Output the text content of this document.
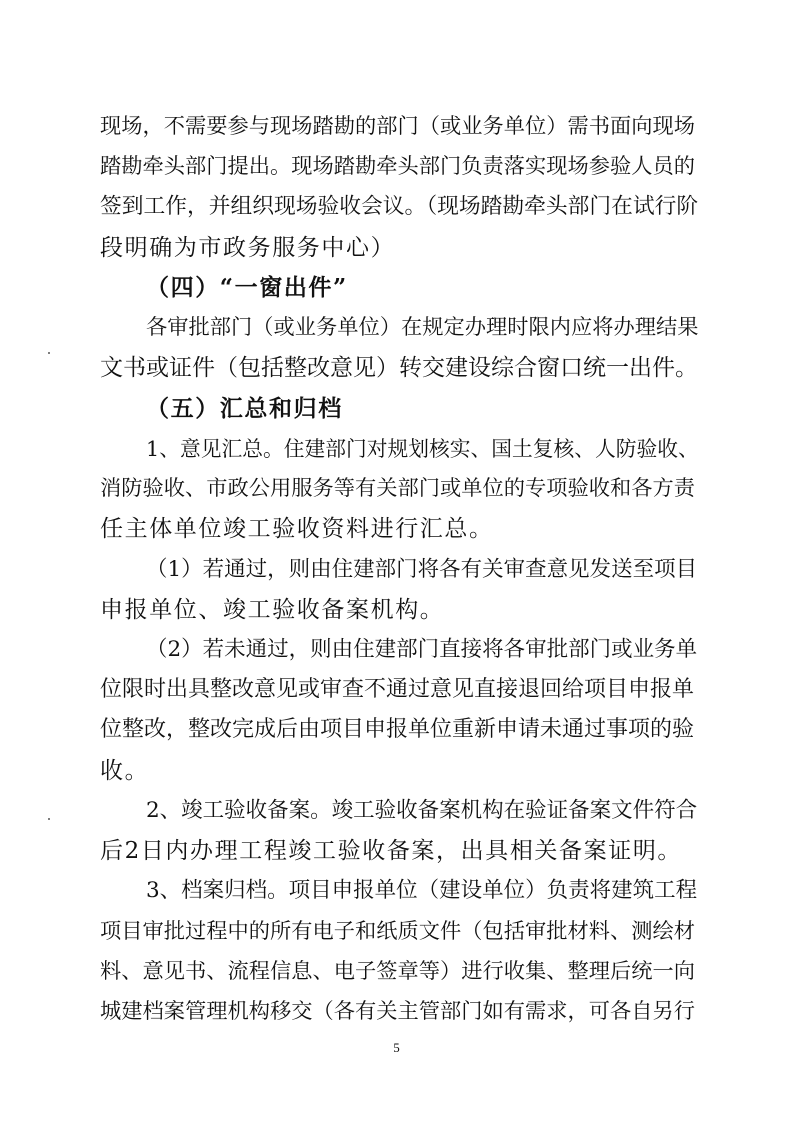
现场，不需要参与现场踏勘的部门（或业务单位）需书面向现场
踏勘牵头部门提出。现场踏勘牵头部门负责落实现场参验人员的
签到工作，并组织现场验收会议。（现场踏勘牵头部门在试行阶
段明确为市政务服务中心）
（四）“一窗出件”
各审批部门（或业务单位）在规定办理时限内应将办理结果
文书或证件（包括整改意见）转交建设综合窗口统一出件。
（五）汇总和归档
1、意见汇总。住建部门对规划核实、国土复核、人防验收、
消防验收、市政公用服务等有关部门或单位的专项验收和各方责
任主体单位竣工验收资料进行汇总。
（1）若通过，则由住建部门将各有关审查意见发送至项目
申报单位、竣工验收备案机构。
（2）若未通过，则由住建部门直接将各审批部门或业务单
位限时出具整改意见或审查不通过意见直接退回给项目申报单
位整改，整改完成后由项目申报单位重新申请未通过事项的验
收。
2、竣工验收备案。竣工验收备案机构在验证备案文件符合
后2日内办理工程竣工验收备案，出具相关备案证明。
3、档案归档。项目申报单位（建设单位）负责将建筑工程
项目审批过程中的所有电子和纸质文件（包括审批材料、测绘材
5
料、意见书、流程信息、电子签章等）进行收集、整理后统一向
城建档案管理机构移交（各有关主管部门如有需求，可各自另行
